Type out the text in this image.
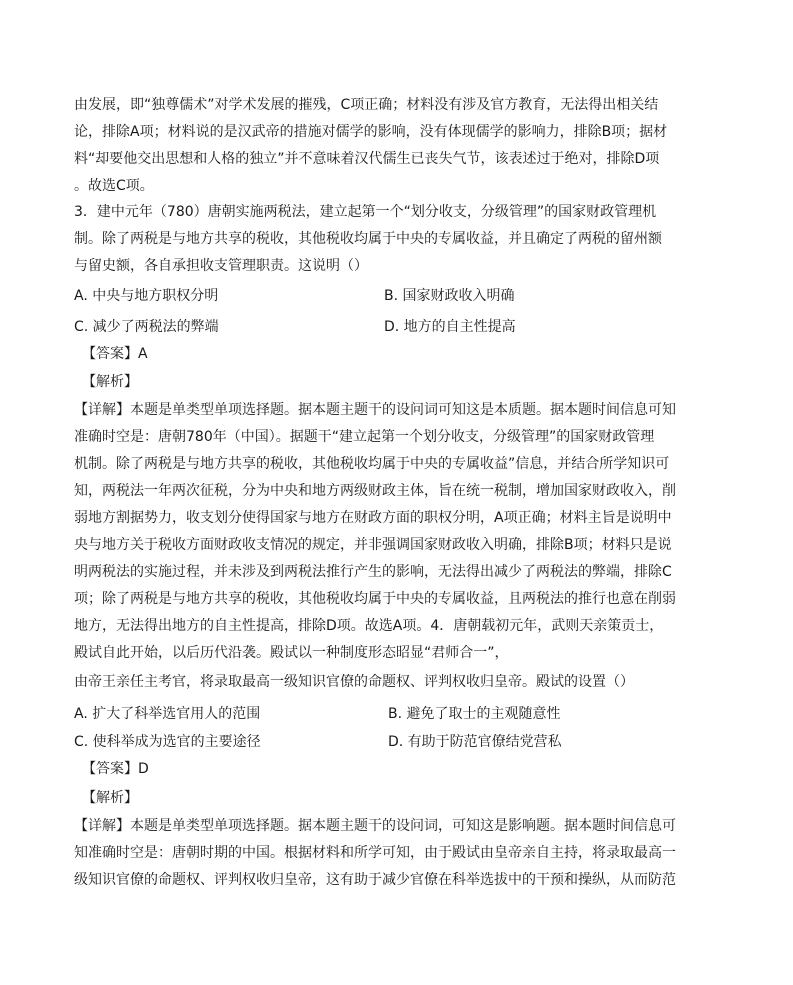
由发展，即“独尊儒术”对学术发展的摧残，C项正确；材料没有涉及官方教育，无法得出相关结
论，排除A项；材料说的是汉武帝的措施对儒学的影响，没有体现儒学的影响力，排除B项；据材
料“却要他交出思想和人格的独立”并不意味着汉代儒生已丧失气节，该表述过于绝对，排除D项
。故选C项。
3．建中元年（780）唐朝实施两税法，建立起第一个“划分收支，分级管理”的国家财政管理机
制。除了两税是与地方共享的税收，其他税收均属于中央的专属收益，并且确定了两税的留州额
与留史额，各自承担收支管理职责。这说明（）
A. 中央与地方职权分明	B. 国家财政收入明确
C. 减少了两税法的弊端	D. 地方的自主性提高
【答案】A
【解析】
【详解】本题是单类型单项选择题。据本题主题干的设问词可知这是本质题。据本题时间信息可知
准确时空是：唐朝780年（中国）。据题干“建立起第一个划分收支，分级管理”的国家财政管理
机制。除了两税是与地方共享的税收，其他税收均属于中央的专属收益”信息，并结合所学知识可
知，两税法一年两次征税，分为中央和地方两级财政主体，旨在统一税制，增加国家财政收入，削
弱地方割据势力，收支划分使得国家与地方在财政方面的职权分明，A项正确；材料主旨是说明中
央与地方关于税收方面财政收支情况的规定，并非强调国家财政收入明确，排除B项；材料只是说
明两税法的实施过程，并未涉及到两税法推行产生的影响，无法得出减少了两税法的弊端，排除C
项；除了两税是与地方共享的税收，其他税收均属于中央的专属收益，且两税法的推行也意在削弱
地方，无法得出地方的自主性提高，排除D项。故选A项。4．唐朝载初元年，武则天亲策贡士，
殿试自此开始，以后历代沿袭。殿试以一种制度形态昭显“君师合一”，
由帝王亲任主考官，将录取最高一级知识官僚的命题权、评判权收归皇帝。殿试的设置（）
A. 扩大了科举选官用人的范围	B. 避免了取士的主观随意性
C. 使科举成为选官的主要途径	D. 有助于防范官僚结党营私
【答案】D
【解析】
【详解】本题是单类型单项选择题。据本题主题干的设问词，可知这是影响题。据本题时间信息可
知准确时空是：唐朝时期的中国。根据材料和所学可知，由于殿试由皇帝亲自主持，将录取最高一
级知识官僚的命题权、评判权收归皇帝，这有助于减少官僚在科举选拔中的干预和操纵，从而防范
